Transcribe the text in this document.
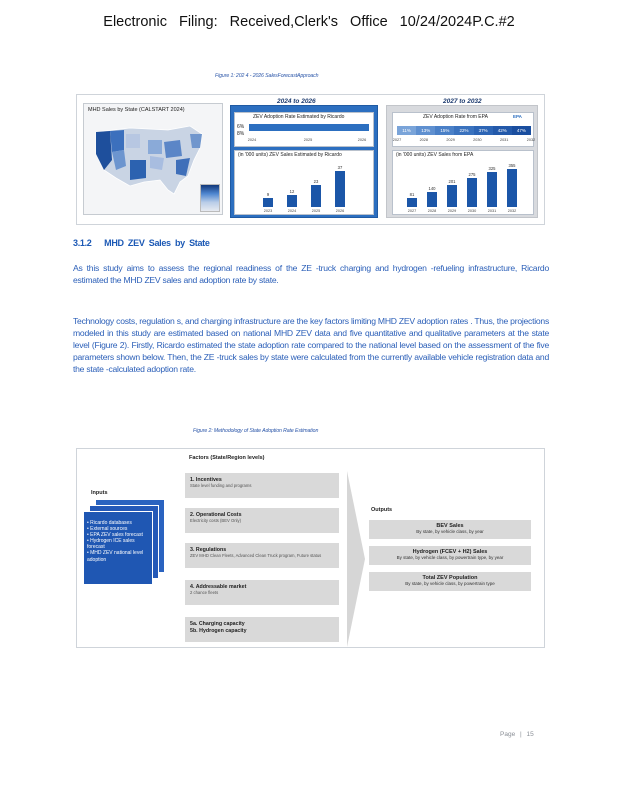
Electronic Filing: Received,Clerk's Office 10/24/2024P.C.#2
Figure 1: 202 4 - 2026 SalesForecastApproach
2024 to 2026	2027 to 2032
MHD Sales by State (CALSTART 2024)
ZEV Adoption Rate Estimated by Ricardo
6%
8%
2024	2025	2026
(in '000 units) ZEV Sales Estimated by Ricardo
9
2023
12
2024
23
2025
37
2026
ZEV Adoption Rate from EPA	EPA
11%	13%	15%	22%	37%	42%	47%
2027	2028	2029	2030	2031	2032
(in '000 units) ZEV Sales from EPA
81
2027
140
2028
201
2029
275
2030
325
2031
355
2032
3.1.2 MHD ZEV Sales by State
As this study aims to assess the regional readiness of the ZE -truck charging and hydrogen -refueling infrastructure, Ricardo estimated the MHD ZEV sales and adoption rate by state.
Technology costs, regulation s, and charging infrastructure are the key factors limiting MHD ZEV adoption rates . Thus, the projections modeled in this study are estimated based on national MHD ZEV data and five quantitative and qualitative parameters at the state level (Figure 2). Firstly, Ricardo estimated the state adoption rate compared to the national level based on the assessment of the five parameters shown below. Then, the ZE -truck sales by state were calculated from the currently available vehicle registration data and the state -calculated adoption rate.
Figure 2: Methodology of State Adoption Rate Estimation
Factors (State/Region levels)
Inputs
• Ricardo databases
• External sources
• EPA ZEV sales forecast
• Hydrogen ICE sales forecast
• MHD ZEV national level adoption
1. Incentives
State level funding and programs
2. Operational Costs
Electricity costs (BEV Only)
3. Regulations
ZEV MHD Clean Fleets, Advanced Clean Truck program, Future status
4. Addressable market
2 chance fleets
5a. Charging capacity
5b. Hydrogen capacity
Outputs
BEV Sales
By state, by vehicle class, by year
Hydrogen (FCEV + H2) Sales
By state, by vehicle class, by powertrain type, by year
Total ZEV Population
By state, by vehicle class, by powertrain type
Page | 15
